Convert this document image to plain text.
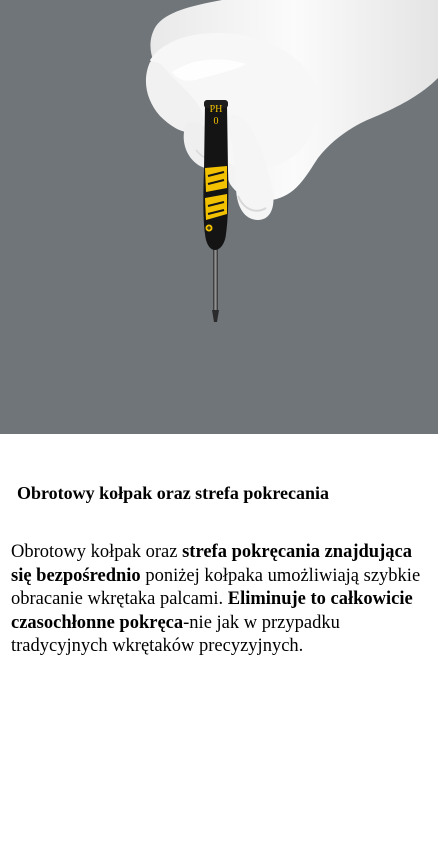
PH
0
Obrotowy kołpak oraz strefa pokrecania

Obrotowy kołpak oraz strefa pokręcania znajdująca się bezpośrednio poniżej kołpaka umożliwiają szybkie obracanie wkrętaka palcami. Eliminuje to całkowicie czasochłonne pokręca-nie jak w przypadku tradycyjnych wkrętaków precyzyjnych.
